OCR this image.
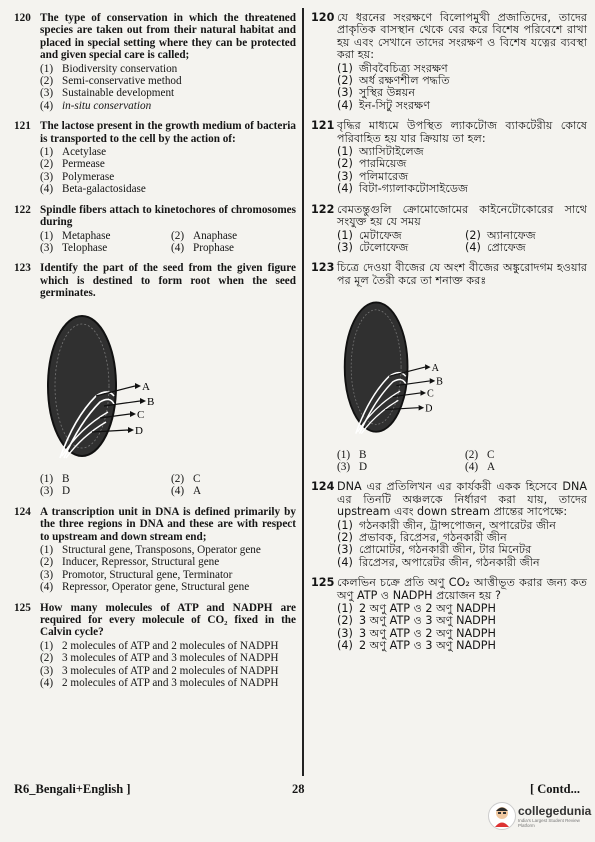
120 The type of conservation in which the threatened species are taken out from their natural habitat and placed in special setting where they can be protected and given special care is called;
(1) Biodiversity conservation
(2) Semi-conservative method
(3) Sustainable development
(4) in-situ conservation
121 The lactose present in the growth medium of bacteria is transported to the cell by the action of:
(1) Acetylase
(2) Permease
(3) Polymerase
(4) Beta-galactosidase
122 Spindle fibers attach to kinetochores of chromosomes during
(1) Metaphase	(2) Anaphase
(3) Telophase	(4) Prophase
123 Identify the part of the seed from the given figure which is destined to form root when the seed germinates.
A
B
C
D
(1) B	(2) C
(3) D	(4) A
124 A transcription unit in DNA is defined primarily by the three regions in DNA and these are with respect to upstream and down stream end;
(1) Structural gene, Transposons, Operator gene
(2) Inducer, Repressor, Structural gene
(3) Promotor, Structural gene, Terminator
(4) Repressor, Operator gene, Structural gene
125 How many molecules of ATP and NADPH are required for every molecule of CO₂ fixed in the Calvin cycle?
(1) 2 molecules of ATP and 2 molecules of NADPH
(2) 3 molecules of ATP and 3 molecules of NADPH
(3) 3 molecules of ATP and 2 molecules of NADPH
(4) 2 molecules of ATP and 3 molecules of NADPH
120 যে ধরনের সংরক্ষণে বিলোপমুখী প্রজাতিদের, তাদের প্রাকৃতিক বাসস্থান থেকে বের করে বিশেষ পরিবেশে রাখা হয় এবং সেখানে তাদের সংরক্ষণ ও বিশেষ যত্নের ব্যবস্থা করা হয়:
(1) জীববৈচিত্র্য সংরক্ষণ
(2) অর্ধ রক্ষণশীল পদ্ধতি
(3) সুস্থির উন্নয়ন
(4) ইন-সিটু সংরক্ষণ
121 বৃদ্ধির মাধ্যমে উপস্থিত ল্যাকটোজ ব্যাকটেরীয় কোষে পরিবাহিত হয় যার ক্রিয়ায় তা হল:
(1) অ্যাসিটাইলেজ
(2) পারমিয়েজ
(3) পলিমারেজ
(4) বিটা-গ্যালাকটোসাইডেজ
122 বেমতন্তুগুলি ক্রোমোজোমের কাইনেটোকোরের সাথে সংযুক্ত হয় যে সময়
(1) মেটাফেজ	(2) অ্যানাফেজ
(3) টেলোফেজ	(4) প্রোফেজ
123 চিত্রে দেওয়া বীজের যে অংশ বীজের অঙ্কুরোদগম হওয়ার পর মূল তৈরী করে তা শনাক্ত করঃ
A
B
C
D
(1) B	(2) C
(3) D	(4) A
124 DNA এর প্রতিলিখন এর কার্যকরী একক হিসেবে DNA এর তিনটি অঞ্চলকে নির্ধারণ করা যায়, তাদের upstream এবং down stream প্রান্তের সাপেক্ষে:
(1) গঠনকারী জীন, ট্রান্সপোজন, অপারেটর জীন
(2) প্রভাবক, রিপ্রেসর, গঠনকারী জীন
(3) প্রোমোটর, গঠনকারী জীন, টার মিনেটর
(4) রিপ্রেসর, অপারেটর জীন, গঠনকারী জীন
125 কেলভিন চক্রে প্রতি অণু CO₂ আত্তীভূত করার জন্য কত অণু ATP ও NADPH প্রয়োজন হয় ?
(1) 2 অণু ATP ও 2 অণু NADPH
(2) 3 অণু ATP ও 3 অণু NADPH
(3) 3 অণু ATP ও 2 অণু NADPH
(4) 2 অণু ATP ও 3 অণু NADPH
R6_Bengali+English ]	28	[ Contd...
collegedunia
India's Largest Student Review Platform
